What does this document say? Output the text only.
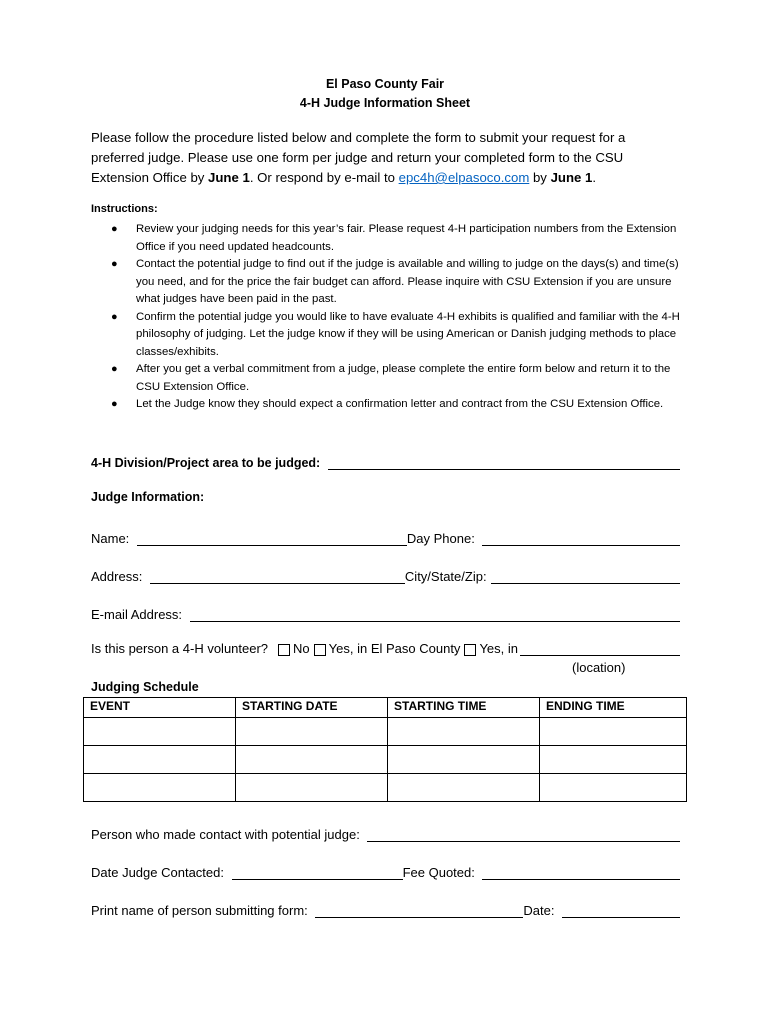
El Paso County Fair
4-H Judge Information Sheet
Please follow the procedure listed below and complete the form to submit your request for a preferred judge. Please use one form per judge and return your completed form to the CSU Extension Office by June 1. Or respond by e-mail to epc4h@elpasoco.com by June 1.
Instructions:
● Review your judging needs for this year’s fair. Please request 4-H participation numbers from the Extension Office if you need updated headcounts.
● Contact the potential judge to find out if the judge is available and willing to judge on the days(s) and time(s) you need, and for the price the fair budget can afford. Please inquire with CSU Extension if you are unsure what judges have been paid in the past.
● Confirm the potential judge you would like to have evaluate 4-H exhibits is qualified and familiar with the 4-H philosophy of judging. Let the judge know if they will be using American or Danish judging methods to place classes/exhibits.
● After you get a verbal commitment from a judge, please complete the entire form below and return it to the CSU Extension Office.
● Let the Judge know they should expect a confirmation letter and contract from the CSU Extension Office.
4-H Division/Project area to be judged:
Judge Information:
Name:	Day Phone:
Address:	City/State/Zip:
E-mail Address:
Is this person a 4-H volunteer? No Yes, in El Paso County Yes, in
(location)
Judging Schedule
EVENT	STARTING DATE	STARTING TIME	ENDING TIME

Person who made contact with potential judge:
Date Judge Contacted:	Fee Quoted:
Print name of person submitting form:	Date:
